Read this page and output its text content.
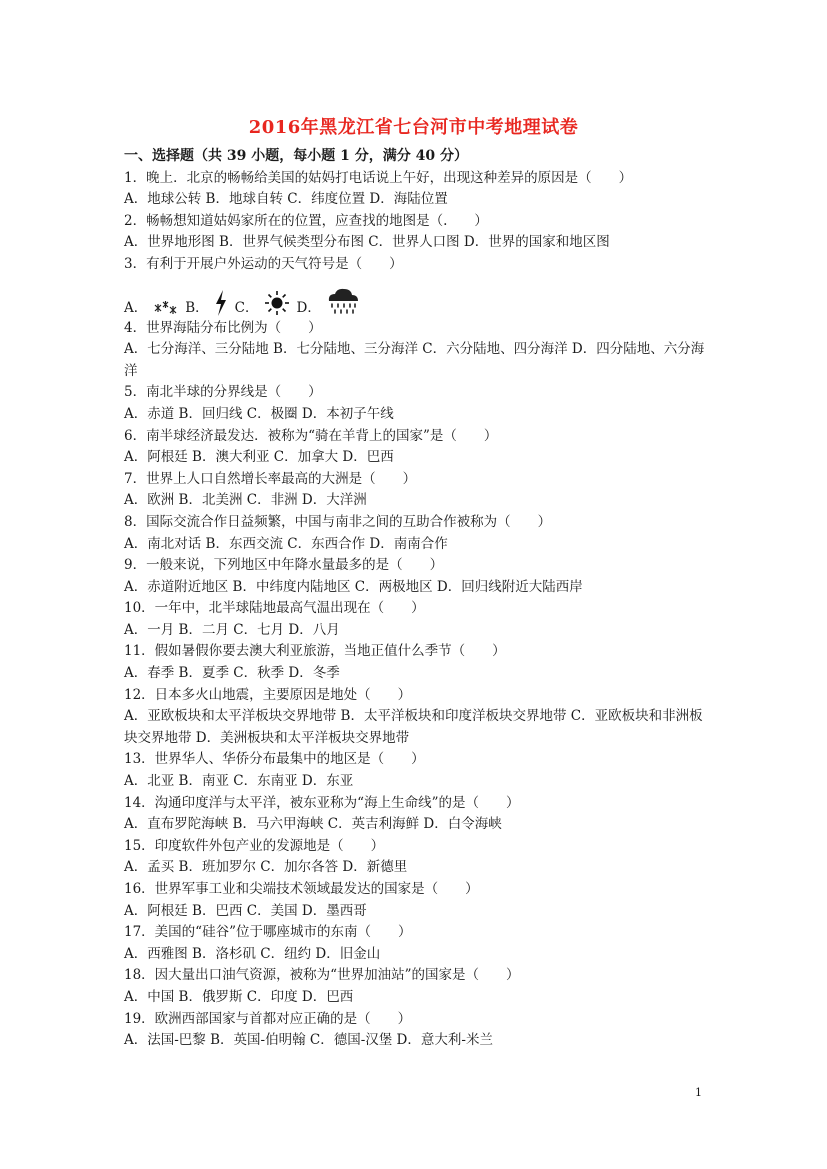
2016年黑龙江省七台河市中考地理试卷

一、选择题（共 39 小题，每小题 1 分，满分 40 分）

1．晚上．北京的畅畅给美国的姑妈打电话说上午好，出现这种差异的原因是（　　）

A．地球公转 B．地球自转 C．纬度位置 D．海陆位置

2．畅畅想知道姑妈家所在的位置，应查找的地图是（.　　）

A．世界地形图 B．世界气候类型分布图 C．世界人口图 D．世界的国家和地区图

3．有利于开展户外运动的天气符号是（　　）

A．	B． C．	D．

4．世界海陆分布比例为（　　）

A．七分海洋、三分陆地 B．七分陆地、三分海洋 C．六分陆地、四分海洋 D．四分陆地、六分海洋

5．南北半球的分界线是（　　）

A．赤道 B．回归线 C．极圈 D．本初子午线

6．南半球经济最发达．被称为“骑在羊背上的国家”是（　　）

A．阿根廷 B．澳大利亚 C．加拿大 D．巴西

7．世界上人口自然增长率最高的大洲是（　　）

A．欧洲 B．北美洲 C．非洲 D．大洋洲

8．国际交流合作日益频繁，中国与南非之间的互助合作被称为（　　）

A．南北对话 B．东西交流 C．东西合作 D．南南合作

9．一般来说，下列地区中年降水量最多的是（　　）

A．赤道附近地区 B．中纬度内陆地区 C．两极地区 D．回归线附近大陆西岸

10．一年中，北半球陆地最高气温出现在（　　）

A．一月 B．二月 C．七月 D．八月

11．假如暑假你要去澳大利亚旅游，当地正值什么季节（　　）

A．春季 B．夏季 C．秋季 D．冬季

12．日本多火山地震，主要原因是地处（　　）

A．亚欧板块和太平洋板块交界地带 B．太平洋板块和印度洋板块交界地带 C．亚欧板块和非洲板块交界地带 D．美洲板块和太平洋板块交界地带

13．世界华人、华侨分布最集中的地区是（　　）

A．北亚 B．南亚 C．东南亚 D．东亚

14．沟通印度洋与太平洋，被东亚称为“海上生命线”的是（　　）

A．直布罗陀海峡 B．马六甲海峡 C．英吉利海鲜 D．白令海峡

15．印度软件外包产业的发源地是（　　）

A．孟买 B．班加罗尔 C．加尔各答 D．新德里

16．世界军事工业和尖端技术领域最发达的国家是（　　）

A．阿根廷 B．巴西 C．美国 D．墨西哥

17．美国的“硅谷”位于哪座城市的东南（　　）

A．西雅图 B．洛杉矶 C．纽约 D．旧金山

18．因大量出口油气资源，被称为“世界加油站”的国家是（　　）

A．中国 B．俄罗斯 C．印度 D．巴西

19．欧洲西部国家与首都对应正确的是（　　）

A．法国-巴黎 B．英国-伯明翰 C．德国-汉堡 D．意大利-米兰

1
